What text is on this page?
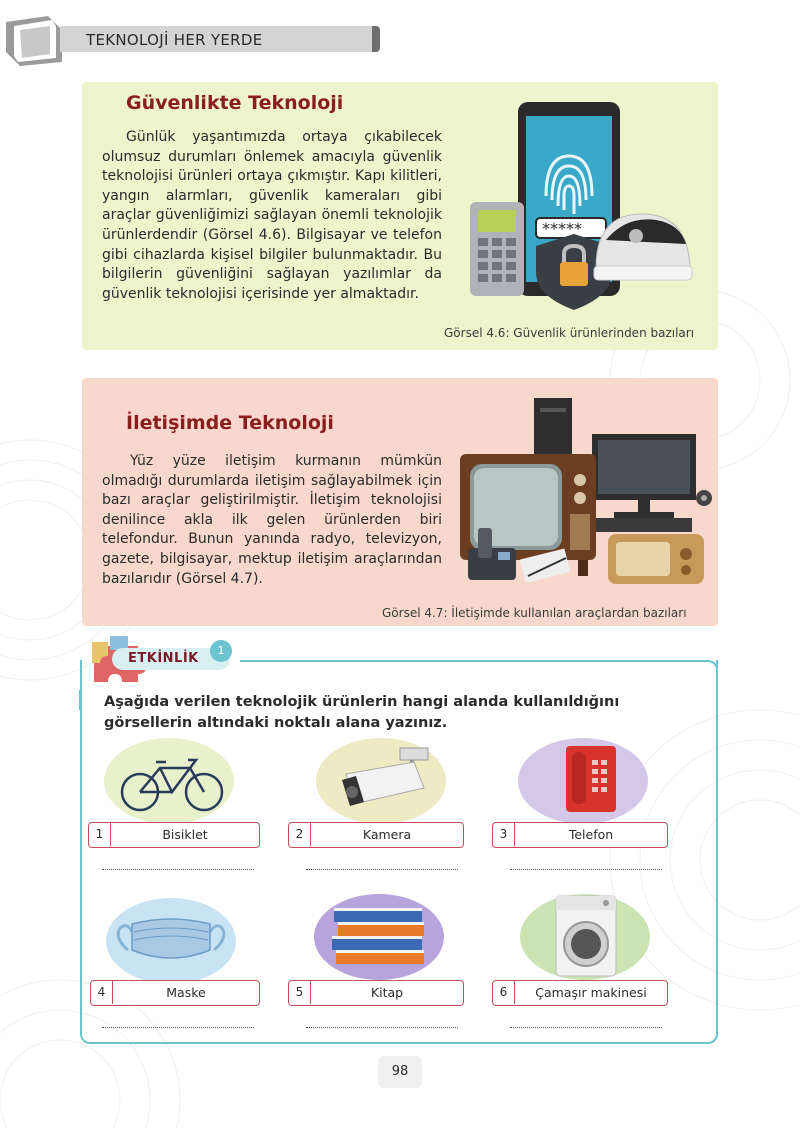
TEKNOLOJİ HER YERDE
Güvenlikte Teknoloji
Günlük yaşantımızda ortaya çıkabilecek olumsuz durumları önlemek amacıyla güvenlik teknolojisi ürünleri ortaya çıkmıştır. Kapı kilitleri, yangın alarmları, güvenlik kameraları gibi araçlar güvenliğimizi sağlayan önemli teknolojik ürünlerdendir (Görsel 4.6). Bilgisayar ve telefon gibi cihazlarda kişisel bilgiler bulunmaktadır. Bu bilgilerin güvenliğini sağlayan yazılımlar da güvenlik teknolojisi içerisinde yer almaktadır.
*****
Görsel 4.6: Güvenlik ürünlerinden bazıları
İletişimde Teknoloji
Yüz yüze iletişim kurmanın mümkün olmadığı durumlarda iletişim sağlayabilmek için bazı araçlar geliştirilmiştir. İletişim teknolojisi denilince akla ilk gelen ürünlerden biri telefondur. Bunun yanında radyo, televizyon, gazete, bilgisayar, mektup iletişim araçlarından bazılarıdır (Görsel 4.7).
Görsel 4.7: İletişimde kullanılan araçlardan bazıları
ETKİNLİK
1
Aşağıda verilen teknolojik ürünlerin hangi alanda kullanıldığını görsellerin altındaki noktalı alana yazınız.
1	Bisiklet	2	Kamera	3	Telefon
4	Maske	5	Kitap	6	Çamaşır makinesi
98
